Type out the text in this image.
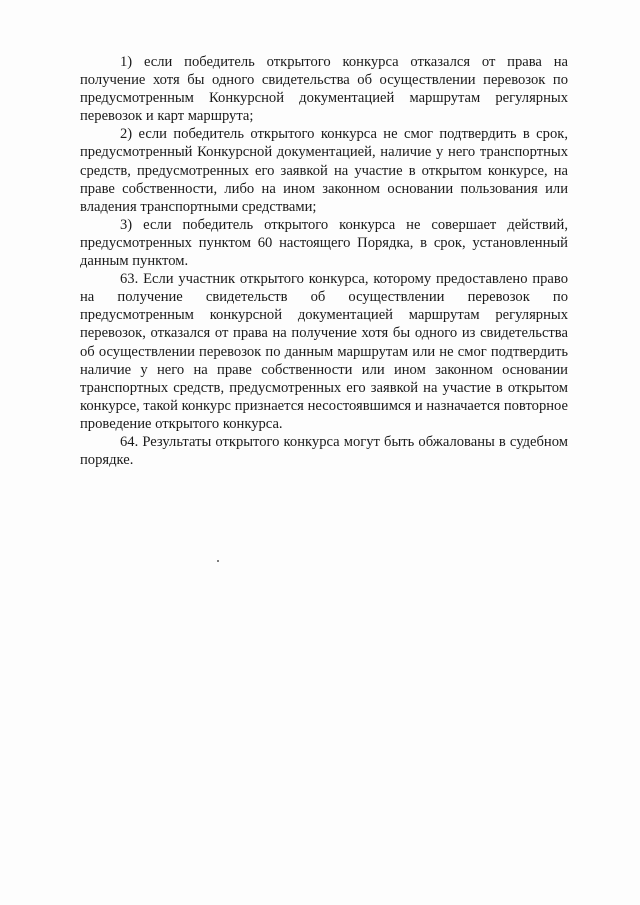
1) если победитель открытого конкурса отказался от права на получение хотя бы одного свидетельства об осуществлении перевозок по предусмотренным Конкурсной документацией маршрутам регулярных перевозок и карт маршрута;

2) если победитель открытого конкурса не смог подтвердить в срок, предусмотренный Конкурсной документацией, наличие у него транспортных средств, предусмотренных его заявкой на участие в открытом конкурсе, на праве собственности, либо на ином законном основании пользования или владения транспортными средствами;

3) если победитель открытого конкурса не совершает действий, предусмотренных пунктом 60 настоящего Порядка, в срок, установленный данным пунктом.

63. Если участник открытого конкурса, которому предоставлено право на получение свидетельств об осуществлении перевозок по предусмотренным конкурсной документацией маршрутам регулярных перевозок, отказался от права на получение хотя бы одного из свидетельства об осуществлении перевозок по данным маршрутам или не смог подтвердить наличие у него на праве собственности или ином законном основании транспортных средств, предусмотренных его заявкой на участие в открытом конкурсе, такой конкурс признается несостоявшимся и назначается повторное проведение открытого конкурса.

64. Результаты открытого конкурса могут быть обжалованы в судебном порядке.
